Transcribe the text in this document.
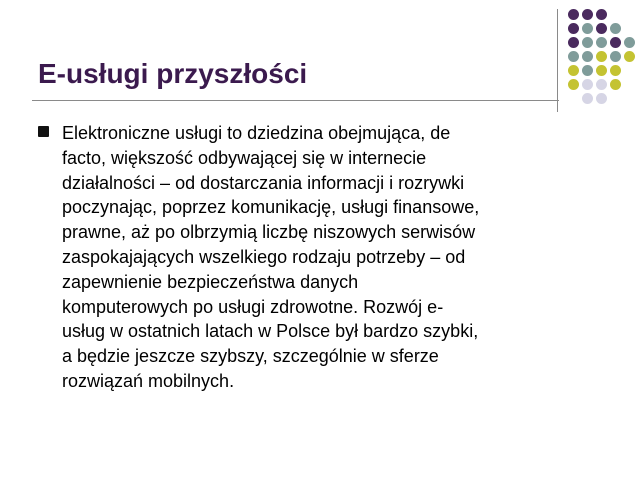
E-usługi przyszłości

Elektroniczne usługi to dziedzina obejmująca, de
facto, większość odbywającej się w internecie
działalności – od dostarczania informacji i rozrywki
poczynając, poprzez komunikację, usługi finansowe,
prawne, aż po olbrzymią liczbę niszowych serwisów
zaspokajających wszelkiego rodzaju potrzeby – od
zapewnienie bezpieczeństwa danych
komputerowych po usługi zdrowotne. Rozwój e-
usług w ostatnich latach w Polsce był bardzo szybki,
a będzie jeszcze szybszy, szczególnie w sferze
rozwiązań mobilnych.
